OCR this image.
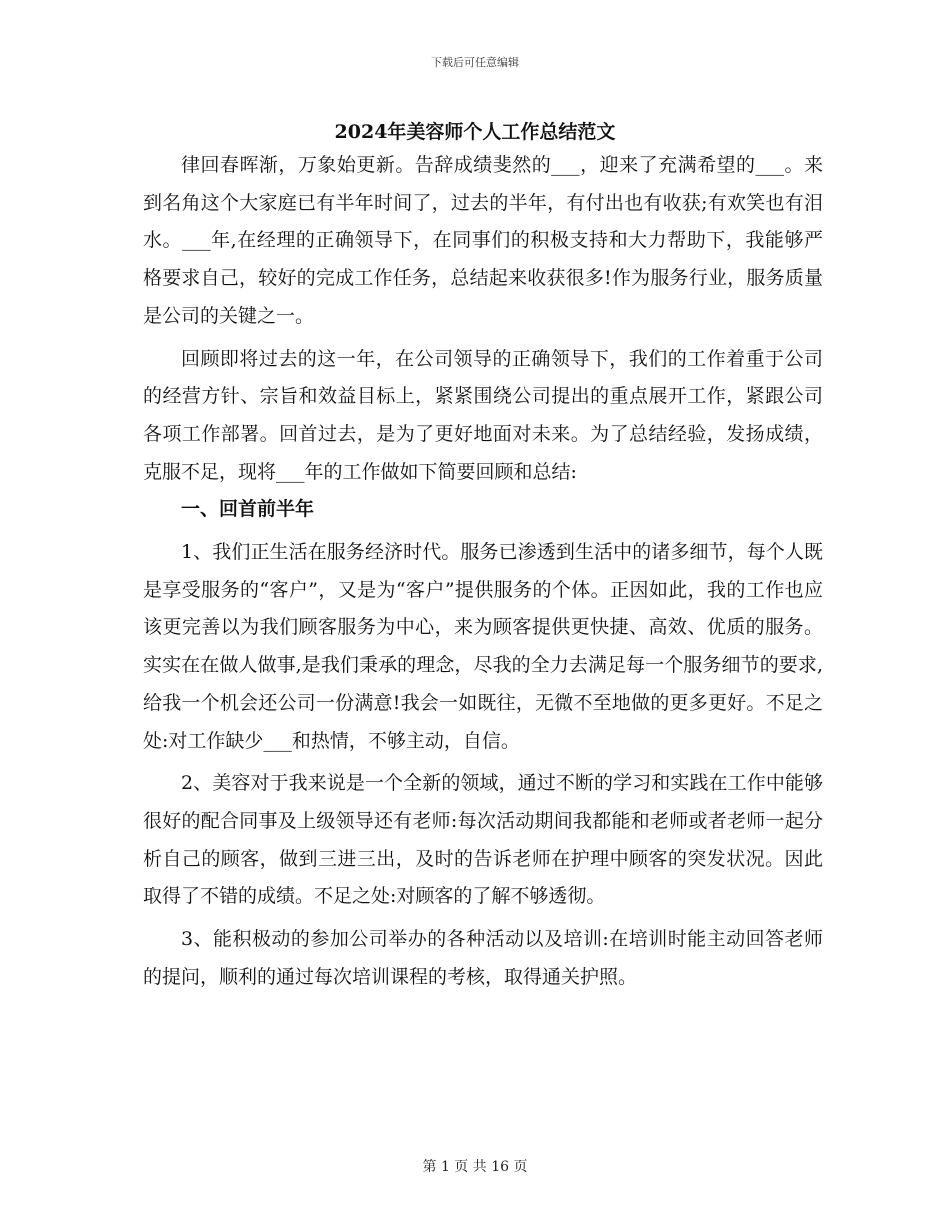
下载后可任意编辑
2024年美容师个人工作总结范文

律回春晖渐，万象始更新。告辞成绩斐然的___，迎来了充满希望的___。来到名角这个大家庭已有半年时间了，过去的半年，有付出也有收获;有欢笑也有泪水。___年,在经理的正确领导下，在同事们的积极支持和大力帮助下，我能够严格要求自己，较好的完成工作任务，总结起来收获很多!作为服务行业，服务质量是公司的关键之一。

回顾即将过去的这一年，在公司领导的正确领导下，我们的工作着重于公司的经营方针、宗旨和效益目标上，紧紧围绕公司提出的重点展开工作，紧跟公司各项工作部署。回首过去，是为了更好地面对未来。为了总结经验，发扬成绩，克服不足，现将___年的工作做如下简要回顾和总结:

一、回首前半年

1、我们正生活在服务经济时代。服务已渗透到生活中的诸多细节，每个人既是享受服务的“客户”，又是为“客户”提供服务的个体。正因如此，我的工作也应该更完善以为我们顾客服务为中心，来为顾客提供更快捷、高效、优质的服务。实实在在做人做事,是我们秉承的理念，尽我的全力去满足每一个服务细节的要求,给我一个机会还公司一份满意!我会一如既往，无微不至地做的更多更好。不足之处:对工作缺少___和热情，不够主动，自信。

2、美容对于我来说是一个全新的领域，通过不断的学习和实践在工作中能够很好的配合同事及上级领导还有老师:每次活动期间我都能和老师或者老师一起分析自己的顾客，做到三进三出，及时的告诉老师在护理中顾客的突发状况。因此取得了不错的成绩。不足之处:对顾客的了解不够透彻。

3、能积极动的参加公司举办的各种活动以及培训:在培训时能主动回答老师的提问，顺利的通过每次培训课程的考核，取得通关护照。

第 1 页 共 16 页
